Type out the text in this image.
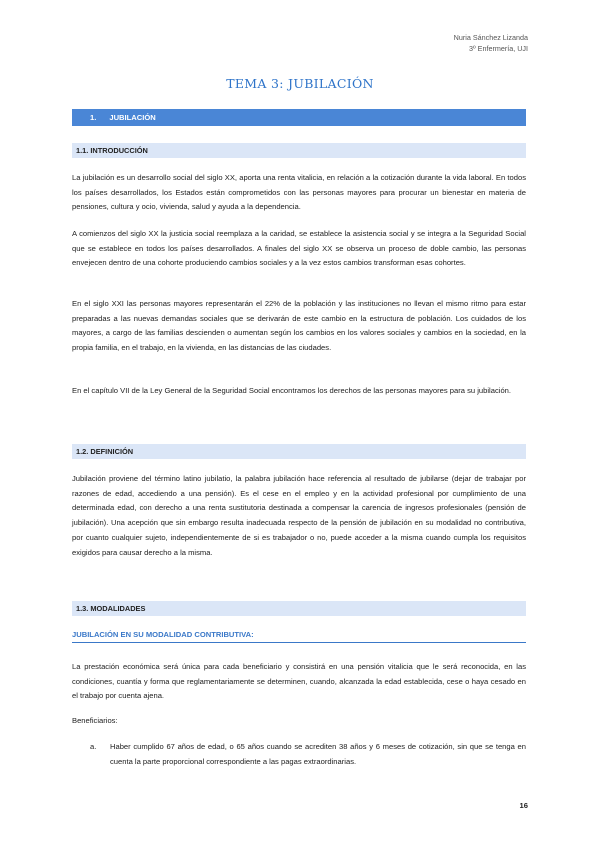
Nuria Sánchez Lizanda
3º Enfermería, UJI
TEMA 3: JUBILACIÓN
1. JUBILACIÓN
1.1. INTRODUCCIÓN

La jubilación es un desarrollo social del siglo XX, aporta una renta vitalicia, en relación a la cotización durante la vida laboral. En todos los países desarrollados, los Estados están comprometidos con las personas mayores para procurar un bienestar en materia de pensiones, cultura y ocio, vivienda, salud y ayuda a la dependencia.

A comienzos del siglo XX la justicia social reemplaza a la caridad, se establece la asistencia social y se integra a la Seguridad Social que se establece en todos los países desarrollados. A finales del siglo XX se observa un proceso de doble cambio, las personas envejecen dentro de una cohorte produciendo cambios sociales y a la vez estos cambios transforman esas cohortes.

En el siglo XXI las personas mayores representarán el 22% de la población y las instituciones no llevan el mismo ritmo para estar preparadas a las nuevas demandas sociales que se derivarán de este cambio en la estructura de población. Los cuidados de los mayores, a cargo de las familias descienden o aumentan según los cambios en los valores sociales y cambios en la sociedad, en la propia familia, en el trabajo, en la vivienda, en las distancias de las ciudades.

En el capítulo VII de la Ley General de la Seguridad Social encontramos los derechos de las personas mayores para su jubilación.

1.2. DEFINICIÓN

Jubilación proviene del término latino jubilatio, la palabra jubilación hace referencia al resultado de jubilarse (dejar de trabajar por razones de edad, accediendo a una pensión). Es el cese en el empleo y en la actividad profesional por cumplimiento de una determinada edad, con derecho a una renta sustitutoria destinada a compensar la carencia de ingresos profesionales (pensión de jubilación). Una acepción que sin embargo resulta inadecuada respecto de la pensión de jubilación en su modalidad no contributiva, por cuanto cualquier sujeto, independientemente de si es trabajador o no, puede acceder a la misma cuando cumpla los requisitos exigidos para causar derecho a la misma.

1.3. MODALIDADES
JUBILACIÓN EN SU MODALIDAD CONTRIBUTIVA:

La prestación económica será única para cada beneficiario y consistirá en una pensión vitalicia que le será reconocida, en las condiciones, cuantía y forma que reglamentariamente se determinen, cuando, alcanzada la edad establecida, cese o haya cesado en el trabajo por cuenta ajena.

Beneficiarios:
a. Haber cumplido 67 años de edad, o 65 años cuando se acrediten 38 años y 6 meses de cotización, sin que se tenga en cuenta la parte proporcional correspondiente a las pagas extraordinarias.
16
